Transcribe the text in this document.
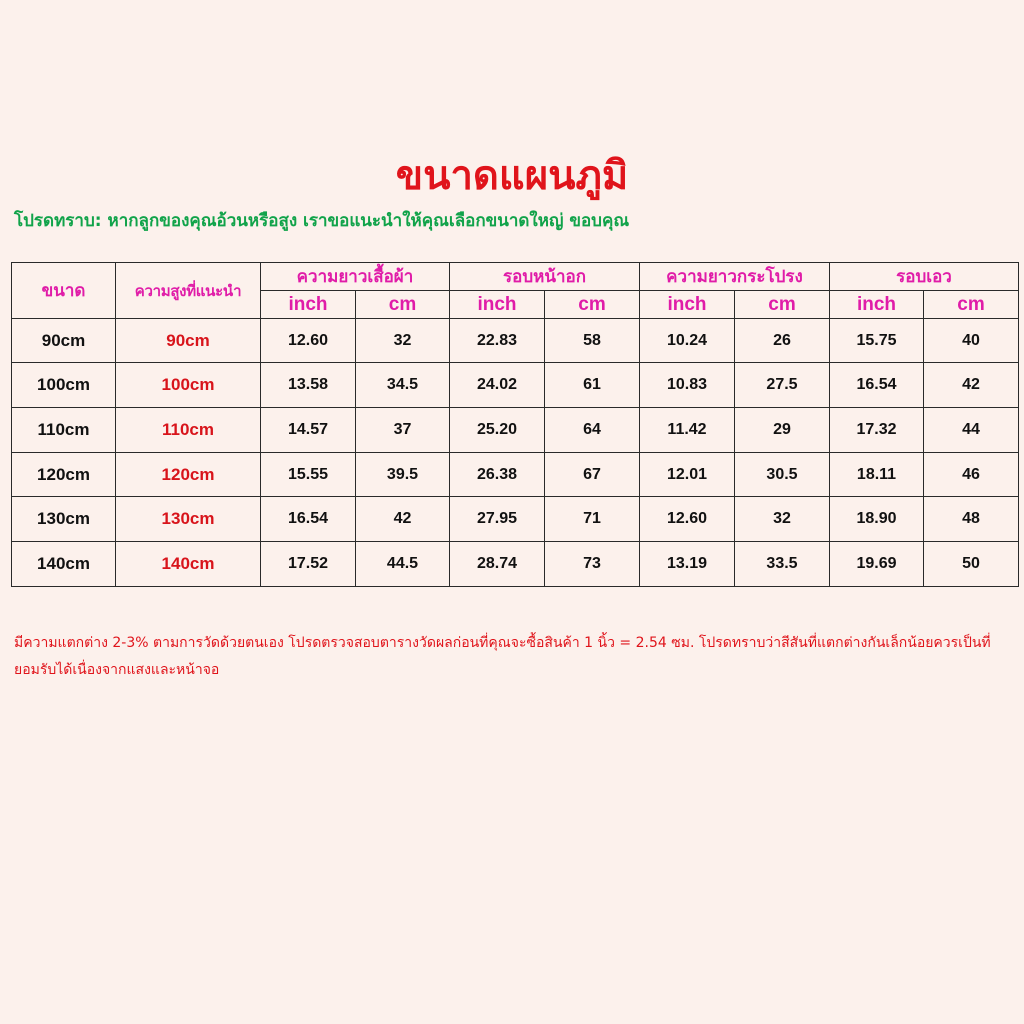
ขนาดแผนภูมิ
โปรดทราบ: หากลูกของคุณอ้วนหรือสูง เราขอแนะนำให้คุณเลือกขนาดใหญ่ ขอบคุณ
ขนาด	ความสูงที่แนะนำ	ความยาวเสื้อผ้า		รอบหน้าอก		ความยาวกระโปรง		รอบเอว	
		inch	cm	inch	cm	inch	cm	inch	cm
90cm	90cm	12.60	32	22.83	58	10.24	26	15.75	40
100cm	100cm	13.58	34.5	24.02	61	10.83	27.5	16.54	42
110cm	110cm	14.57	37	25.20	64	11.42	29	17.32	44
120cm	120cm	15.55	39.5	26.38	67	12.01	30.5	18.11	46
130cm	130cm	16.54	42	27.95	71	12.60	32	18.90	48
140cm	140cm	17.52	44.5	28.74	73	13.19	33.5	19.69	50
มีความแตกต่าง 2-3% ตามการวัดด้วยตนเอง โปรดตรวจสอบตารางวัดผลก่อนที่คุณจะซื้อสินค้า 1 นิ้ว = 2.54 ซม. โปรดทราบว่าสีสันที่แตกต่างกันเล็กน้อยควรเป็นที่ยอมรับได้เนื่องจากแสงและหน้าจอ
